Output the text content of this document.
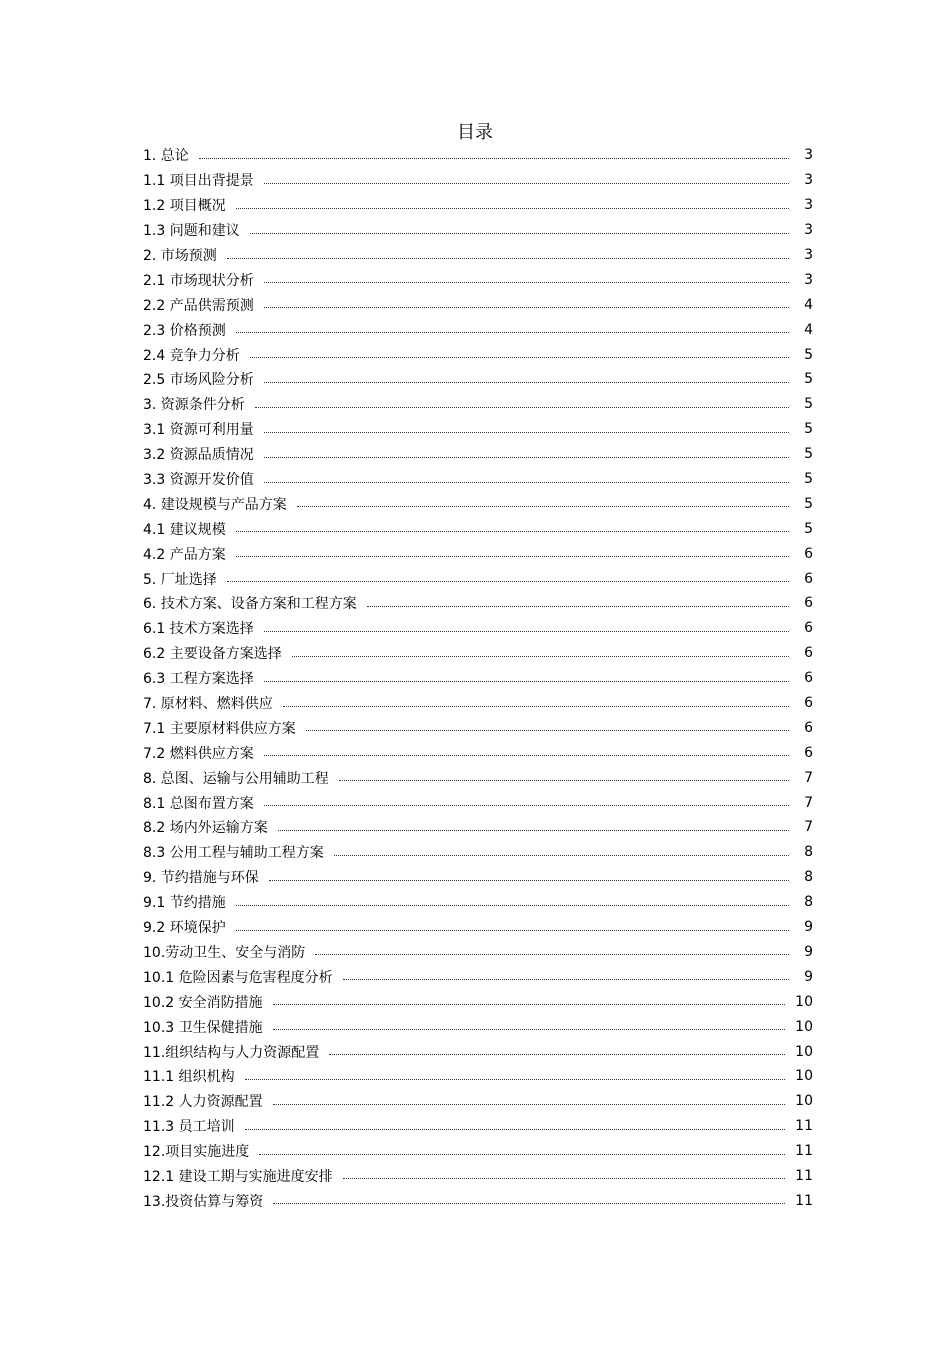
目录
1. 总论	3
1.1 项目出背提景	3
1.2 项目概况	3
1.3 问题和建议	3
2. 市场预测	3
2.1 市场现状分析	3
2.2 产品供需预测	4
2.3 价格预测	4
2.4 竞争力分析	5
2.5 市场风险分析	5
3. 资源条件分析	5
3.1 资源可利用量	5
3.2 资源品质情况	5
3.3 资源开发价值	5
4. 建设规模与产品方案	5
4.1 建议规模	5
4.2 产品方案	6
5. 厂址选择	6
6. 技术方案、设备方案和工程方案	6
6.1 技术方案选择	6
6.2 主要设备方案选择	6
6.3 工程方案选择	6
7. 原材料、燃料供应	6
7.1 主要原材料供应方案	6
7.2 燃料供应方案	6
8. 总图、运输与公用辅助工程	7
8.1 总图布置方案	7
8.2 场内外运输方案	7
8.3 公用工程与辅助工程方案	8
9. 节约措施与环保	8
9.1 节约措施	8
9.2 环境保护	9
10.劳动卫生、安全与消防	9
10.1 危险因素与危害程度分析	9
10.2 安全消防措施	10
10.3 卫生保健措施	10
11.组织结构与人力资源配置	10
11.1 组织机构	10
11.2 人力资源配置	10
11.3 员工培训	11
12.项目实施进度	11
12.1 建设工期与实施进度安排	11
13.投资估算与筹资	11
